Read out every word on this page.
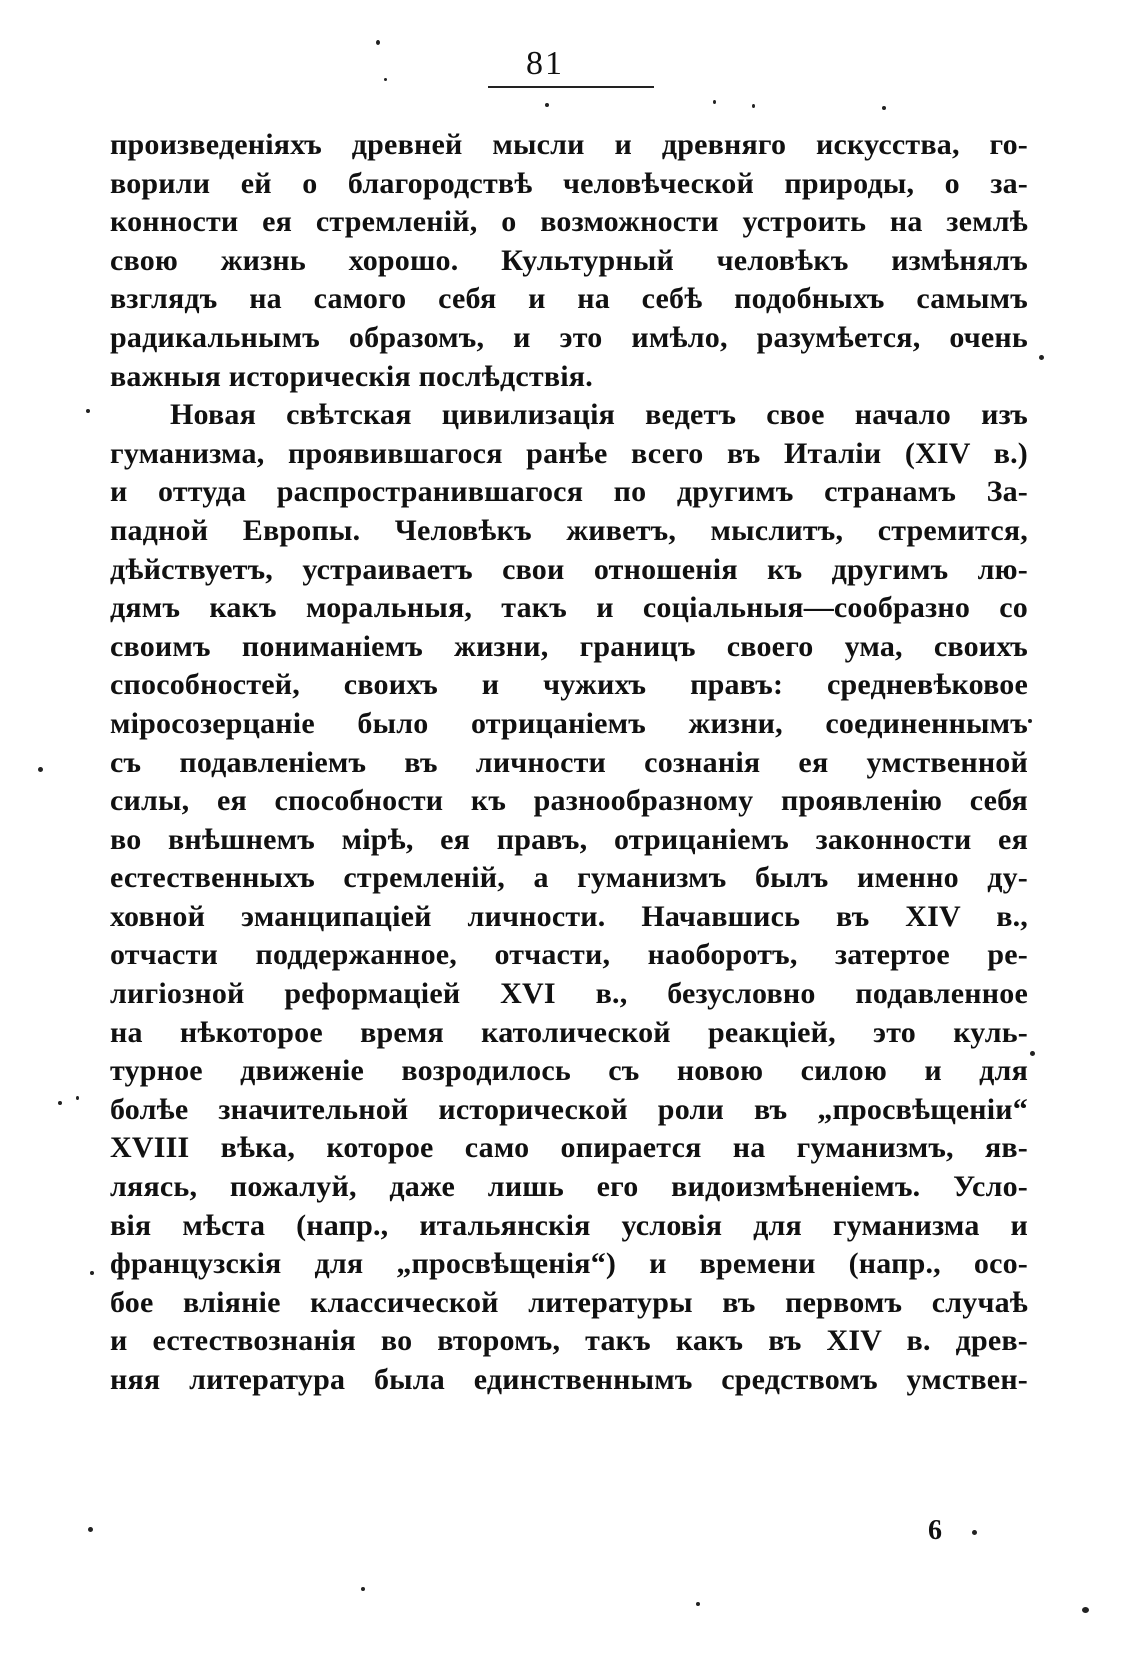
81
произведеніяхъ древней мысли и древняго искусства, го-
ворили ей о благородствѣ человѣческой природы, о за-
конности ея стремленій, о возможности устроить на землѣ
свою жизнь хорошо. Культурный человѣкъ измѣнялъ
взглядъ на самого себя и на себѣ подобныхъ самымъ
радикальнымъ образомъ, и это имѣло, разумѣется, очень
важныя историческія послѣдствія.
Новая свѣтская цивилизація ведетъ свое начало изъ
гуманизма, проявившагося ранѣе всего въ Италіи (XIV в.)
и оттуда распространившагося по другимъ странамъ За-
падной Европы. Человѣкъ живетъ, мыслитъ, стремится,
дѣйствуетъ, устраиваетъ свои отношенія къ другимъ лю-
дямъ какъ моральныя, такъ и соціальныя—сообразно со
своимъ пониманіемъ жизни, границъ своего ума, своихъ
способностей, своихъ и чужихъ правъ: средневѣковое
міросозерцаніе было отрицаніемъ жизни, соединеннымъ
съ подавленіемъ въ личности сознанія ея умственной
силы, ея способности къ разнообразному проявленію себя
во внѣшнемъ мірѣ, ея правъ, отрицаніемъ законности ея
естественныхъ стремленій, а гуманизмъ былъ именно ду-
ховной эманципаціей личности. Начавшись въ XIV в.,
отчасти поддержанное, отчасти, наоборотъ, затертое ре-
лигіозной реформаціей XVI в., безусловно подавленное
на нѣкоторое время католической реакціей, это куль-
турное движеніе возродилось съ новою силою и для
болѣе значительной исторической роли въ „просвѣщеніи“
XVIII вѣка, которое само опирается на гуманизмъ, яв-
ляясь, пожалуй, даже лишь его видоизмѣненіемъ. Усло-
вія мѣста (напр., итальянскія условія для гуманизма и
французскія для „просвѣщенія“) и времени (напр., осо-
бое вліяніе классической литературы въ первомъ случаѣ
и естествознанія во второмъ, такъ какъ въ XIV в. древ-
няя литература была единственнымъ средствомъ умствен-
6
